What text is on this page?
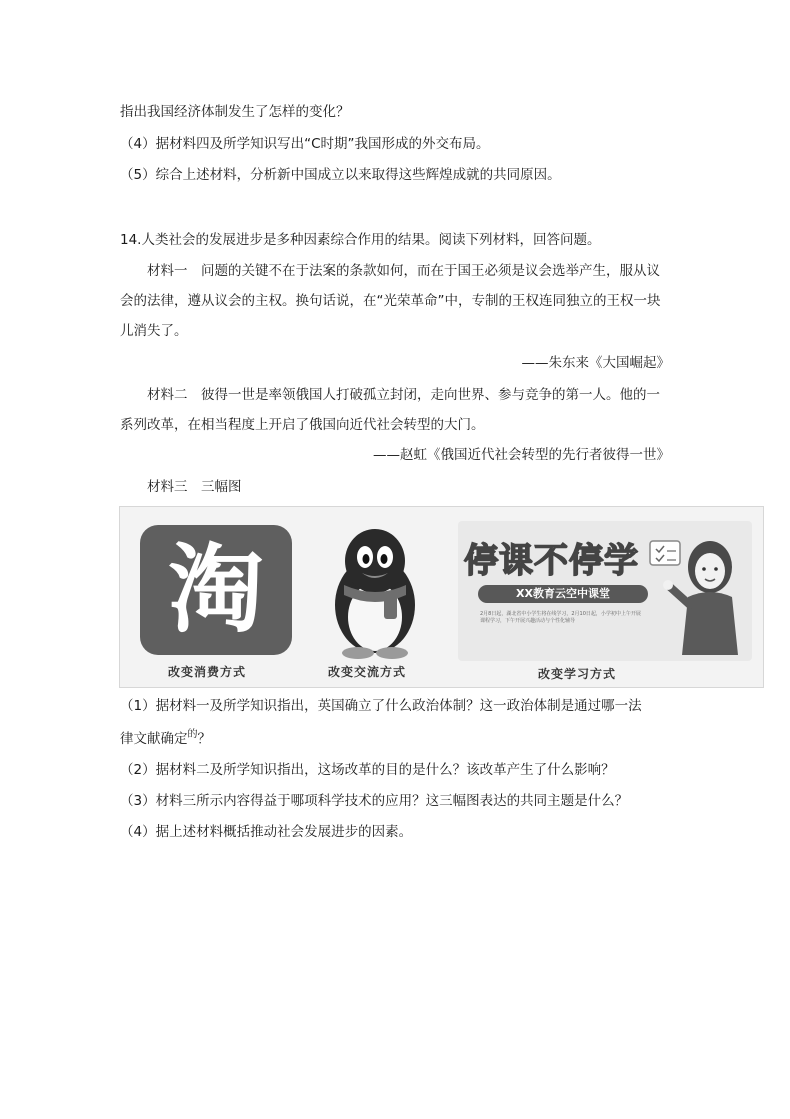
指出我国经济体制发生了怎样的变化？
（4）据材料四及所学知识写出“C时期”我国形成的外交布局。
（5）综合上述材料，分析新中国成立以来取得这些辉煌成就的共同原因。
14.人类社会的发展进步是多种因素综合作用的结果。阅读下列材料，回答问题。
材料一　问题的关键不在于法案的条款如何，而在于国王必须是议会选举产生，服从议会的法律，遵从议会的主权。换句话说，在“光荣革命”中，专制的王权连同独立的王权一块儿消失了。
——朱东来《大国崛起》
材料二　彼得一世是率领俄国人打破孤立封闭，走向世界、参与竞争的第一人。他的一系列改革，在相当程度上开启了俄国向近代社会转型的大门。
——赵虹《俄国近代社会转型的先行者彼得一世》
材料三　三幅图
淘
改变消费方式	改变交流方式
停课不停学
XX教育云空中课堂
2月8日起，湖北省中小学生将在线学习，2月10日起，小学初中上午开展课程学习，下午开展兴趣活动与个性化辅导
改变学习方式
（1）据材料一及所学知识指出，英国确立了什么政治体制？这一政治体制是通过哪一法
律文献确定$^的$？
（2）据材料二及所学知识指出，这场改革的目的是什么？该改革产生了什么影响？
（3）材料三所示内容得益于哪项科学技术的应用？这三幅图表达的共同主题是什么？
（4）据上述材料概括推动社会发展进步的因素。
